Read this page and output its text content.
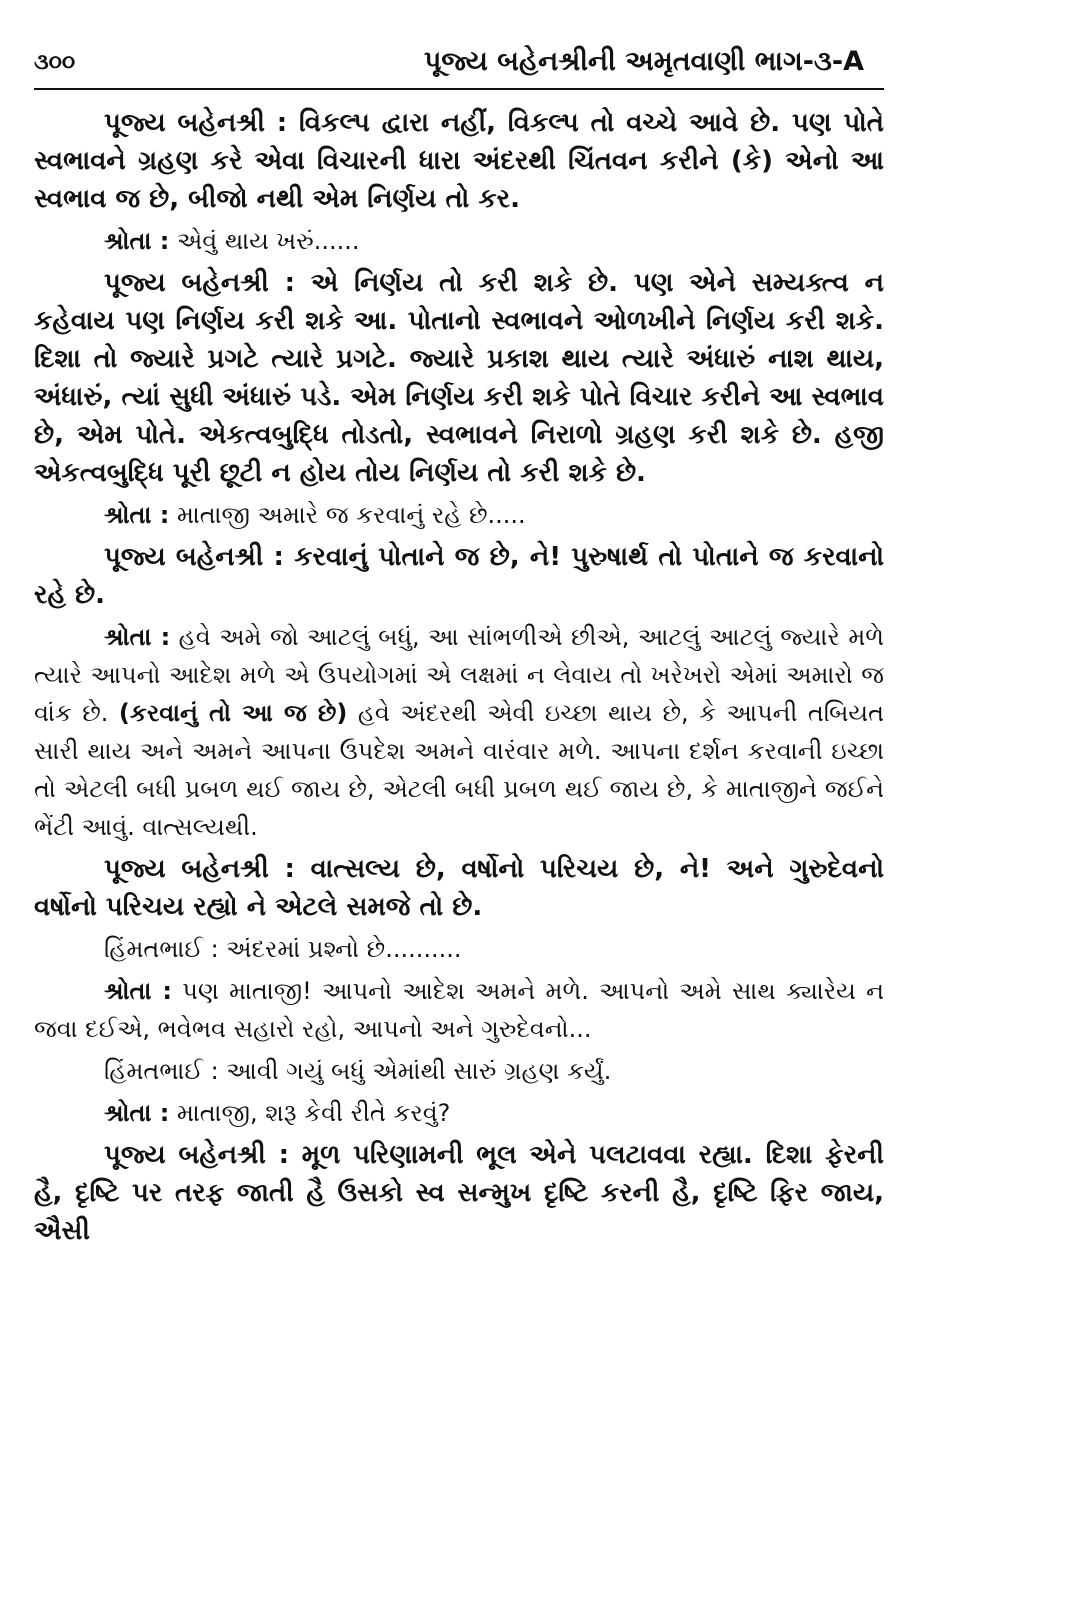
૩૦૦	પૂજ્ય બહેનશ્રીની અમૃતવાણી ભાગ-૩-A

પૂજ્ય બહેનશ્રી : વિકલ્પ દ્વારા નહીં, વિકલ્પ તો વચ્ચે આવે છે. પણ પોતે સ્વભાવને ગ્રહણ કરે એવા વિચારની ધારા અંદરથી ચિંતવન કરીને (કે) એનો આ સ્વભાવ જ છે, બીજો નથી એમ નિર્ણય તો કર.

શ્રોતા : એવું થાય ખરું......

પૂજ્ય બહેનશ્રી : એ નિર્ણય તો કરી શકે છે. પણ એને સમ્યક્ત્વ ન કહેવાય પણ નિર્ણય કરી શકે આ. પોતાનો સ્વભાવને ઓળખીને નિર્ણય કરી શકે. દિશા તો જ્યારે પ્રગટે ત્યારે પ્રગટે. જ્યારે પ્રકાશ થાય ત્યારે અંધારું નાશ થાય, અંધારું, ત્યાં સુધી અંધારું પડે. એમ નિર્ણય કરી શકે પોતે વિચાર કરીને આ સ્વભાવ છે, એમ પોતે. એકત્વબુદ્ધિ તોડતો, સ્વભાવને નિરાળો ગ્રહણ કરી શકે છે. હજી એકત્વબુદ્ધિ પૂરી છૂટી ન હોય તોય નિર્ણય તો કરી શકે છે.

શ્રોતા : માતાજી અમારે જ કરવાનું રહે છે.....

પૂજ્ય બહેનશ્રી : કરવાનું પોતાને જ છે, ને! પુરુષાર્થ તો પોતાને જ કરવાનો રહે છે.

શ્રોતા : હવે અમે જો આટલું બધું, આ સાંભળીએ છીએ, આટલું આટલું જ્યારે મળે ત્યારે આપનો આદેશ મળે એ ઉપયોગમાં એ લક્ષમાં ન લેવાય તો ખરેખરો એમાં અમારો જ વાંક છે. (કરવાનું તો આ જ છે) હવે અંદરથી એવી ઇચ્છા થાય છે, કે આપની તબિયત સારી થાય અને અમને આપના ઉપદેશ અમને વારંવાર મળે. આપના દર્શન કરવાની ઇચ્છા તો એટલી બધી પ્રબળ થઈ જાય છે, એટલી બધી પ્રબળ થઈ જાય છે, કે માતાજીને જઈને ભેંટી આવું. વાત્સલ્યથી.

પૂજ્ય બહેનશ્રી : વાત્સલ્ય છે, વર્ષોનો પરિચય છે, ને! અને ગુરુદેવનો વર્ષોનો પરિચય રહ્યો ને એટલે સમજે તો છે.

હિંમતભાઈ : અંદરમાં પ્રશ્નો છે..........

શ્રોતા : પણ માતાજી! આપનો આદેશ અમને મળે. આપનો અમે સાથ ક્યારેય ન જવા દઈએ, ભવેભવ સહારો રહો, આપનો અને ગુરુદેવનો...

હિંમતભાઈ : આવી ગયું બધું એમાંથી સારું ગ્રહણ કર્યું.

શ્રોતા : માતાજી, શરૂ કેવી રીતે કરવું?

પૂજ્ય બહેનશ્રી : મૂળ પરિણામની ભૂલ એને પલટાવવા રહ્યા. દિશા ફેરની હૈ, દૃષ્ટિ પર તરફ જાતી હૈ ઉસકો સ્વ સન્મુખ દૃષ્ટિ કરની હૈ, દૃષ્ટિ ફિર જાય, ઐસી
